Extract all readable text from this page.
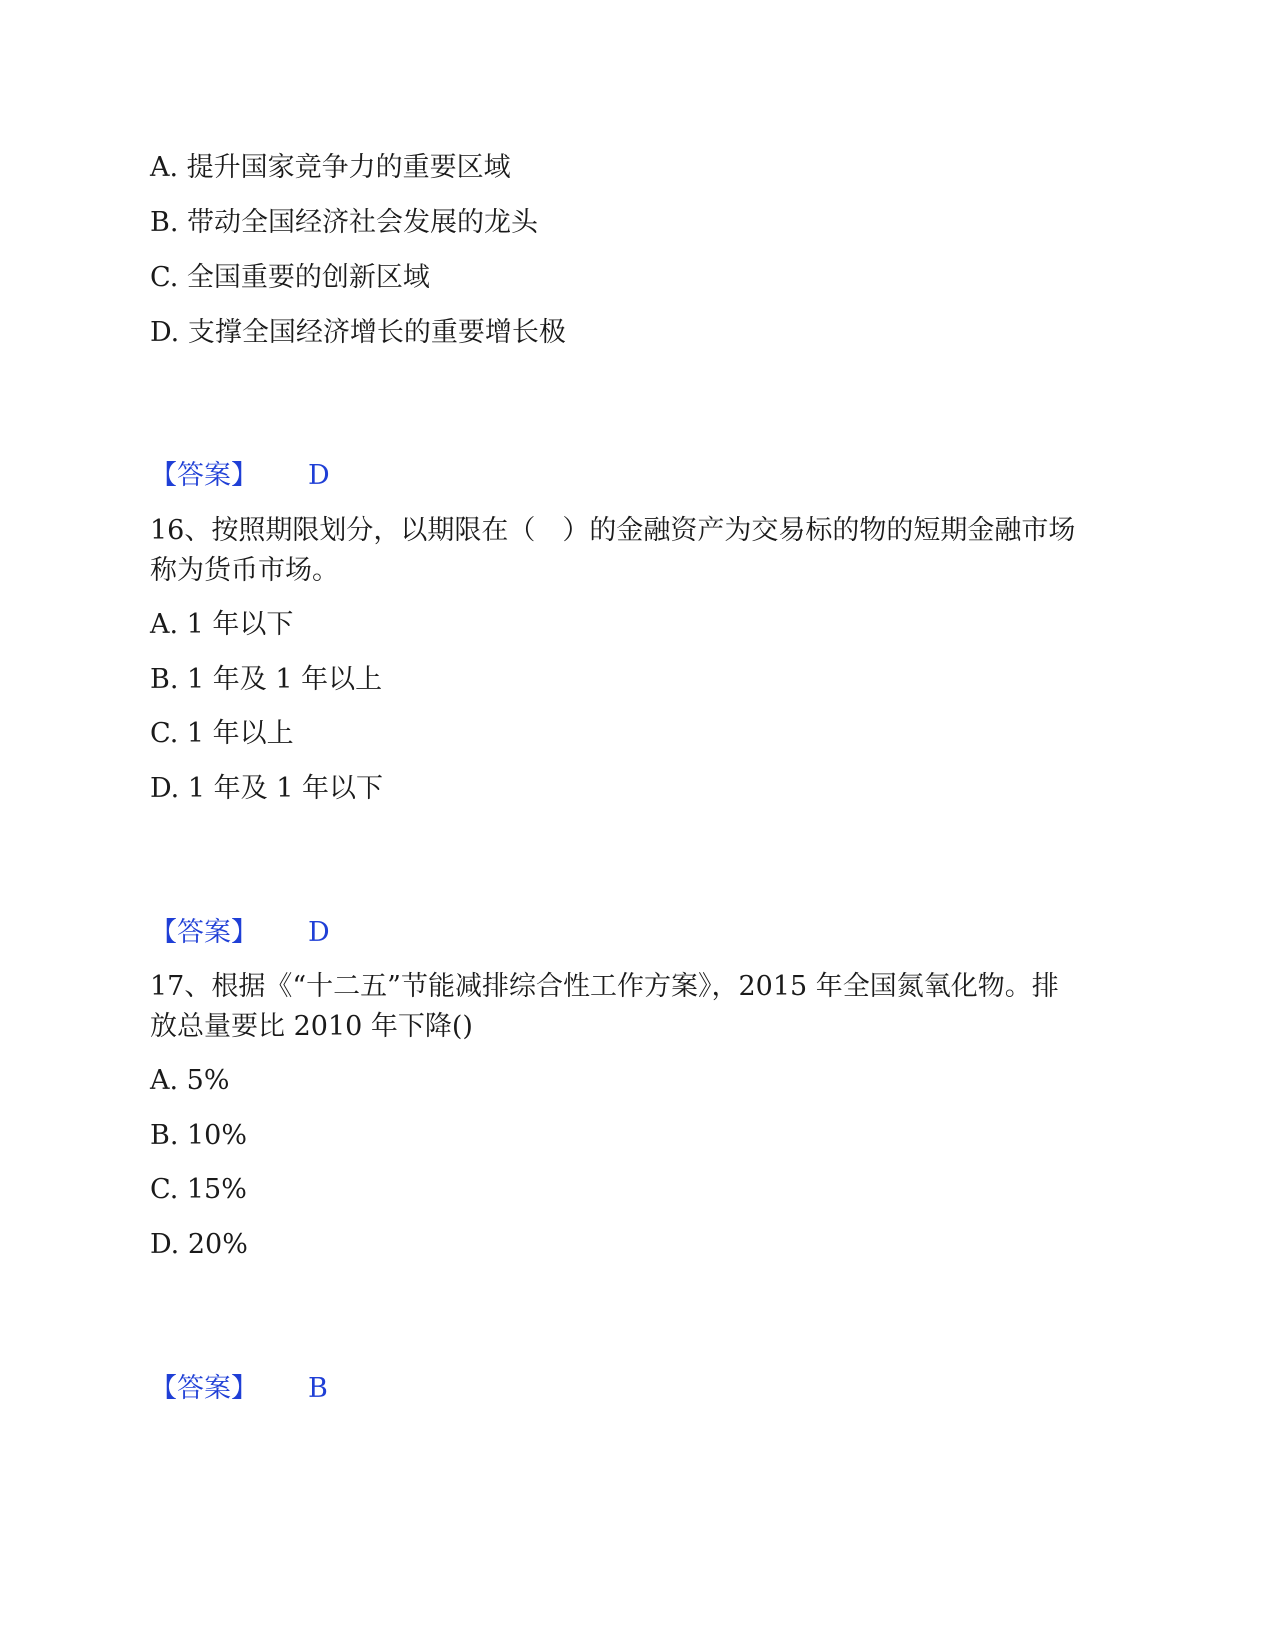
A. 提升国家竞争力的重要区域
B. 带动全国经济社会发展的龙头
C. 全国重要的创新区域
D. 支撑全国经济增长的重要增长极
【答案】 D
16、按照期限划分，以期限在（　）的金融资产为交易标的物的短期金融市场
称为货币市场。
A. 1 年以下
B. 1 年及 1 年以上
C. 1 年以上
D. 1 年及 1 年以下
【答案】 D
17、根据《“十二五”节能减排综合性工作方案》，2015 年全国氮氧化物。排
放总量要比 2010 年下降()
A. 5%
B. 10%
C. 15%
D. 20%
【答案】 B
